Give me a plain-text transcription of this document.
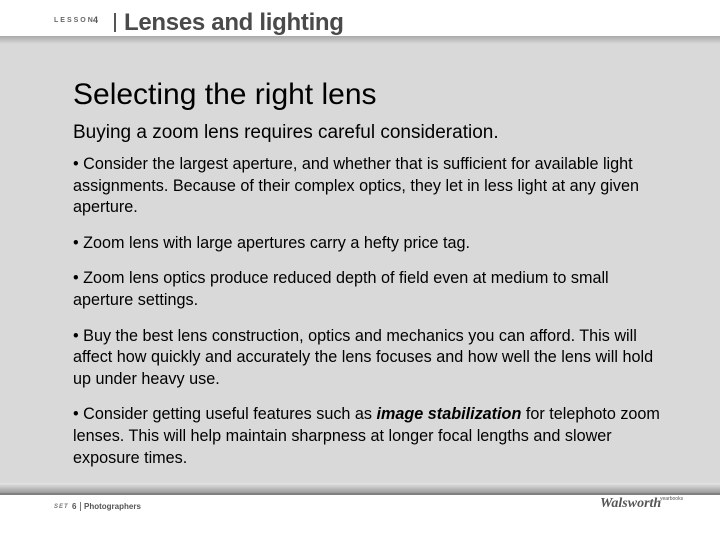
LESSON
4 Lenses and lighting
Selecting the right lens
Buying a zoom lens requires careful consideration.

• Consider the largest aperture, and whether that is sufficient for available light assignments. Because of their complex optics, they let in less light at any given aperture.

• Zoom lens with large apertures carry a hefty price tag.

• Zoom lens optics produce reduced depth of field even at medium to small aperture settings.

• Buy the best lens construction, optics and mechanics you can afford. This will affect how quickly and accurately the lens focuses and how well the lens will hold up under heavy use.

• Consider getting useful features such as image stabilization for telephoto zoom lenses. This will help maintain sharpness at longer focal lengths and slower exposure times.

SET 6 Photographers	Walsworth
yearbooks
